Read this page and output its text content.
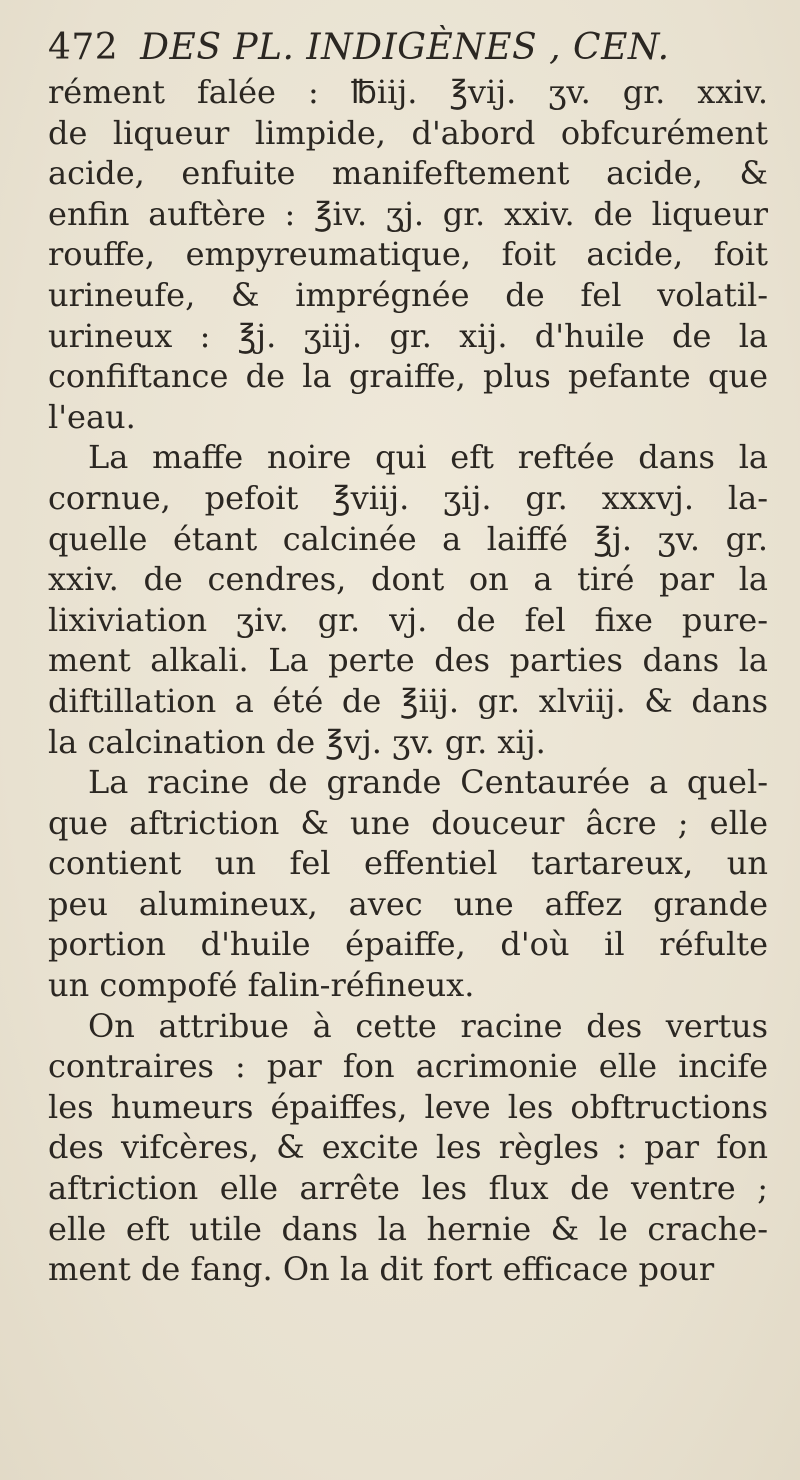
472 DES PL. INDIGÈNES , CEN.

rément falée : ℔iij. ℥vij. ʒv. gr. xxiv.
de liqueur limpide, d'abord obfcurément
acide, enfuite manifeftement acide, &
enfin auftère : ℥iv. ʒj. gr. xxiv. de liqueur
rouffe, empyreumatique, foit acide, foit
urineufe, & imprégnée de fel volatil-
urineux : ℥j. ʒiij. gr. xij. d'huile de la
confiftance de la graiffe, plus pefante que
l'eau.

La maffe noire qui eft reftée dans la
cornue, pefoit ℥viij. ʒij. gr. xxxvj. la-
quelle étant calcinée a laiffé ℥j. ʒv. gr.
xxiv. de cendres, dont on a tiré par la
lixiviation ʒiv. gr. vj. de fel fixe pure-
ment alkali. La perte des parties dans la
diftillation a été de ℥iij. gr. xlviij. & dans
la calcination de ℥vj. ʒv. gr. xij.

La racine de grande Centaurée a quel-
que aftriction & une douceur âcre ; elle
contient un fel effentiel tartareux, un
peu alumineux, avec une affez grande
portion d'huile épaiffe, d'où il réfulte
un compofé falin-réfineux.

On attribue à cette racine des vertus
contraires : par fon acrimonie elle incife
les humeurs épaiffes, leve les obftructions
des vifcères, & excite les règles : par fon
aftriction elle arrête les flux de ventre ;
elle eft utile dans la hernie & le crache-
ment de fang. On la dit fort efficace pour
